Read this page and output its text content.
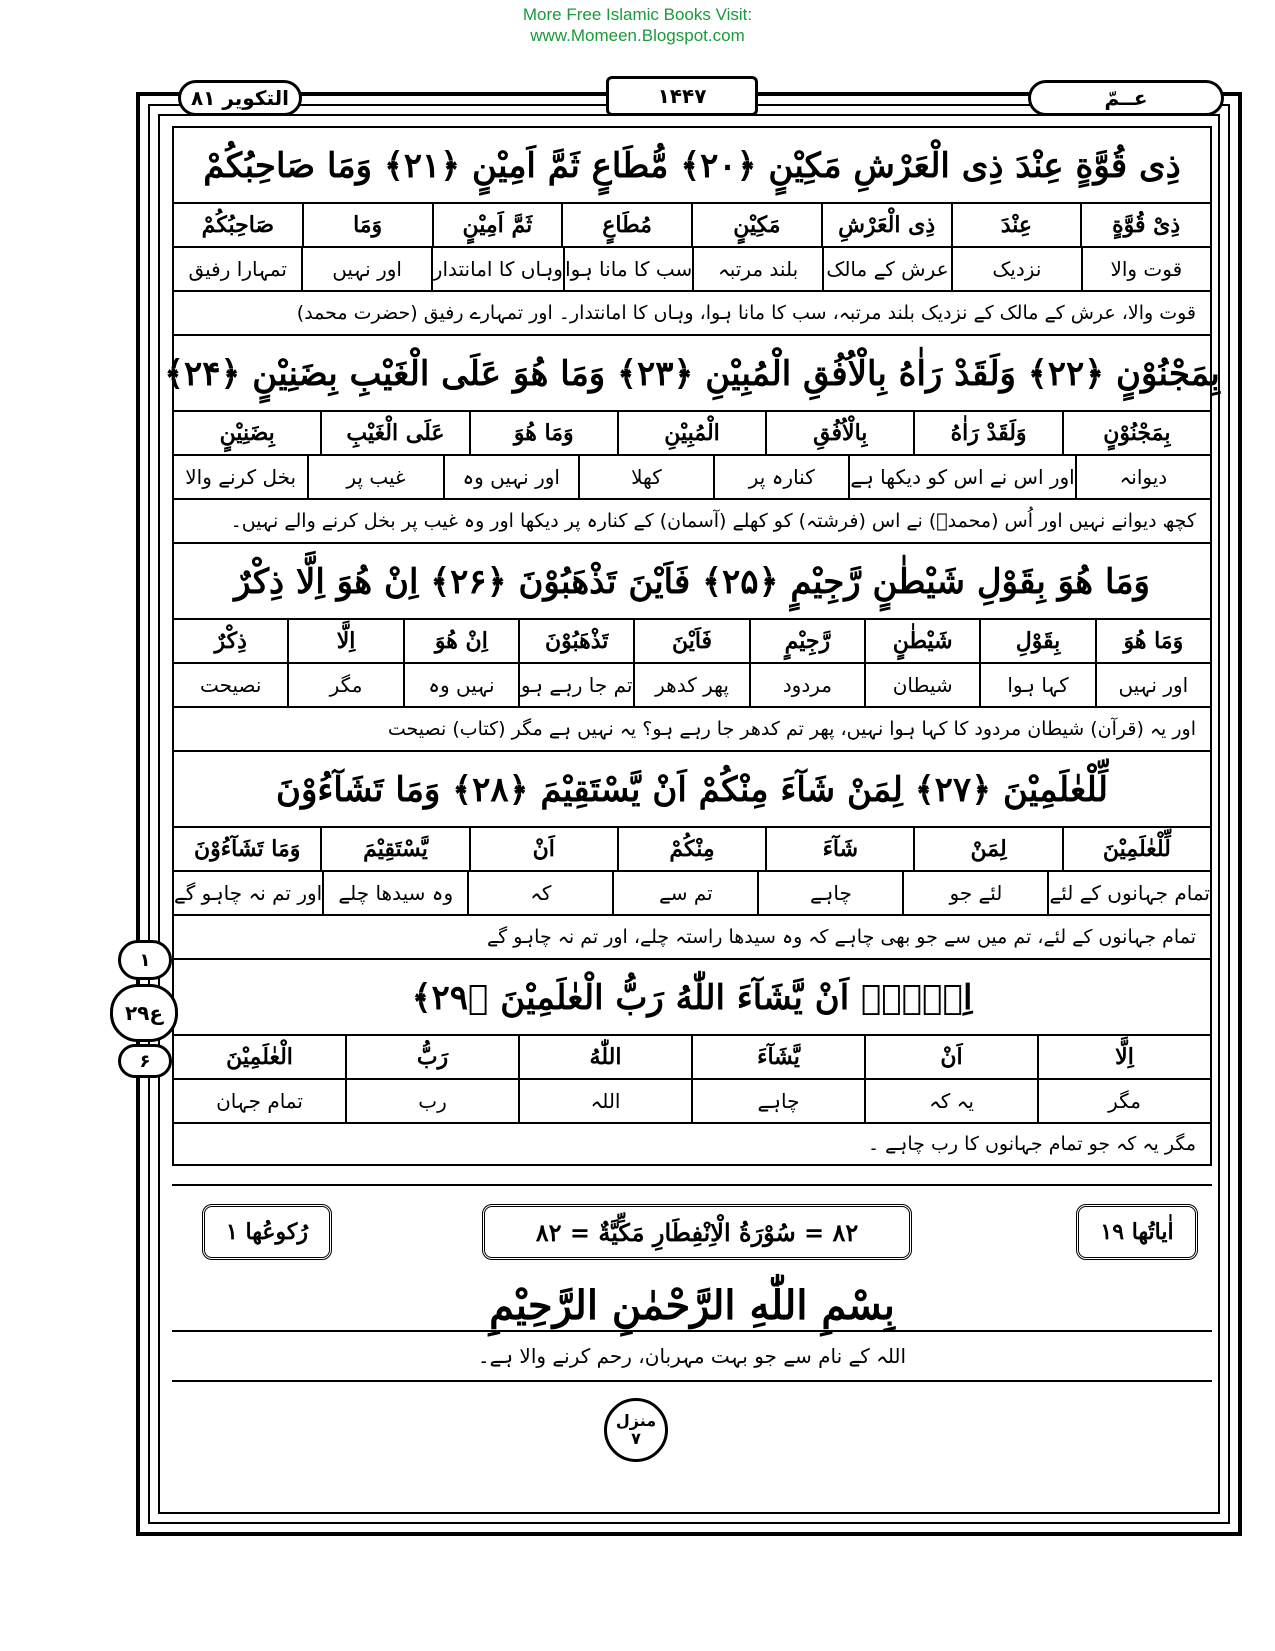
More Free Islamic Books Visit:
www.Momeen.Blogspot.com
التکویر ۸۱	۱۴۴۷	عــمّ
ذِی قُوَّةٍ عِنْدَ ذِی الْعَرْشِ مَكِیْنٍ ﴿۲۰﴾ مُّطَاعٍ ثَمَّ اَمِیْنٍ ﴿۲۱﴾ وَمَا صَاحِبُكُمْ
ذِیْ قُوَّةٍ
عِنْدَ
ذِی الْعَرْشِ
مَكِیْنٍ
مُطَاعٍ
ثَمَّ اَمِیْنٍ
وَمَا
صَاحِبُكُمْ
قوت والا
نزدیک
عرش کے مالک
بلند مرتبہ
سب کا مانا ہوا
وہاں کا امانتدار
اور نہیں
تمہارا رفیق
قوت والا، عرش کے مالک کے نزدیک بلند مرتبہ، سب کا مانا ہوا، وہاں کا امانتدار۔ اور تمہارے رفیق (حضرت محمد)
بِمَجْنُوْنٍ ﴿۲۲﴾ وَلَقَدْ رَاٰهُ بِالْاُفُقِ الْمُبِیْنِ ﴿۲۳﴾ وَمَا هُوَ عَلَى الْغَیْبِ بِضَنِیْنٍ ﴿۲۴﴾
بِمَجْنُوْنٍ
وَلَقَدْ رَاٰهُ
بِالْاُفُقِ
الْمُبِیْنِ
وَمَا هُوَ
عَلَى الْغَیْبِ
بِضَنِیْنٍ
دیوانہ
اور اس نے اس کو دیکھا ہے
کنارہ پر
کھلا
اور نہیں وہ
غیب پر
بخل کرنے والا
کچھ دیوانے نہیں اور اُس (محمدؐ) نے اس (فرشتہ) کو کھلے (آسمان) کے کنارہ پر دیکھا اور وہ غیب پر بخل کرنے والے نہیں۔
وَمَا هُوَ بِقَوْلِ شَیْطٰنٍ رَّجِیْمٍ ﴿۲۵﴾ فَاَیْنَ تَذْهَبُوْنَ ﴿۲۶﴾ اِنْ هُوَ اِلَّا ذِكْرٌ
وَمَا هُوَ
بِقَوْلِ
شَیْطٰنٍ
رَّجِیْمٍ
فَاَیْنَ
تَذْهَبُوْنَ
اِنْ هُوَ
اِلَّا
ذِكْرٌ
اور نہیں
کہا ہوا
شیطان
مردود
پھر کدھر
تم جا رہے ہو
نہیں وہ
مگر
نصیحت
اور یہ (قرآن) شیطان مردود کا کہا ہوا نہیں، پھر تم کدھر جا رہے ہو؟ یہ نہیں ہے مگر (کتاب) نصیحت
لِّلْعٰلَمِیْنَ ﴿۲۷﴾ لِمَنْ شَآءَ مِنْكُمْ اَنْ یَّسْتَقِیْمَ ﴿۲۸﴾ وَمَا تَشَآءُوْنَ
لِّلْعٰلَمِیْنَ
لِمَنْ
شَآءَ
مِنْكُمْ
اَنْ
یَّسْتَقِیْمَ
وَمَا تَشَآءُوْنَ
تمام جہانوں کے لئے
لئے جو
چاہے
تم سے
کہ
وہ سیدھا چلے
اور تم نہ چاہو گے
تمام جہانوں کے لئے، تم میں سے جو بھی چاہے کہ وہ سیدھا راستہ چلے، اور تم نہ چاہو گے
اِلَّاۤ اَنْ یَّشَآءَ اللّٰهُ رَبُّ الْعٰلَمِیْنَ ﴿۲۹﴾
اِلَّا
اَنْ
یَّشَآءَ
اللّٰهُ
رَبُّ
الْعٰلَمِیْنَ
مگر
یہ کہ
چاہے
اللہ
رب
تمام جہان
مگر یہ کہ جو تمام جہانوں کا رب چاہے ۔
اٰیاتُها ۱۹
۸۲ = سُوْرَةُ الْاِنْفِطَارِ مَكِّیَّةٌ = ۸۲
رُکوعُها ۱
بِسْمِ اللّٰهِ الرَّحْمٰنِ الرَّحِیْمِ
اللہ کے نام سے جو بہت مہربان، رحم کرنے والا ہے۔
۱
ع۲۹
۶
منزل
۷
